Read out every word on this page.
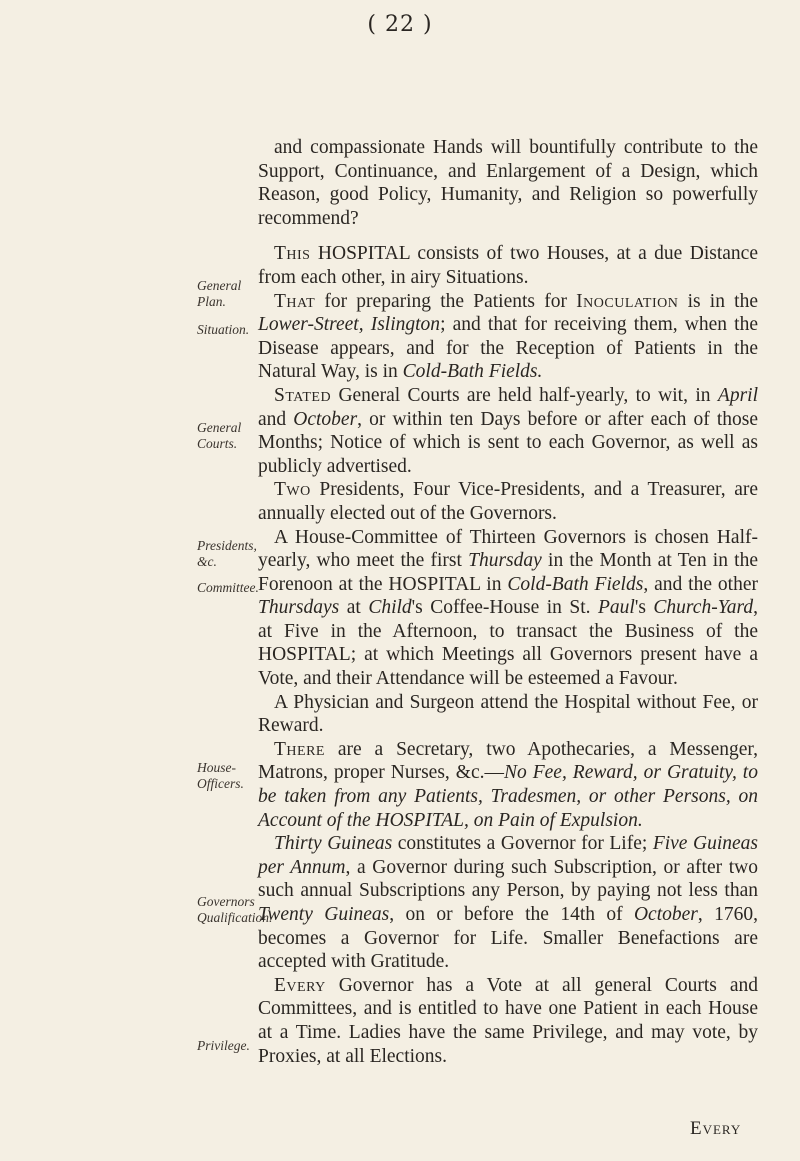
( 22 )
General Plan.
Situation.
General Courts.
Presidents, &c.
Committee.
House-Officers.
Governors Qualification.
Privilege.

and compassionate Hands will bountifully contribute to the Support, Continuance, and Enlargement of a Design, which Reason, good Policy, Humanity, and Religion so powerfully recommend?

This HOSPITAL consists of two Houses, at a due Distance from each other, in airy Situations.

That for preparing the Patients for Inoculation is in the Lower-Street, Islington; and that for receiving them, when the Disease appears, and for the Reception of Patients in the Natural Way, is in Cold-Bath Fields.

Stated General Courts are held half-yearly, to wit, in April and October, or within ten Days before or after each of those Months; Notice of which is sent to each Governor, as well as publicly advertised.

Two Presidents, Four Vice-Presidents, and a Treasurer, are annually elected out of the Governors.

A House-Committee of Thirteen Governors is chosen Half-yearly, who meet the first Thursday in the Month at Ten in the Forenoon at the HOSPITAL in Cold-Bath Fields, and the other Thursdays at Child's Coffee-House in St. Paul's Church-Yard, at Five in the Afternoon, to transact the Business of the HOSPITAL; at which Meetings all Governors present have a Vote, and their Attendance will be esteemed a Favour.

A Physician and Surgeon attend the Hospital without Fee, or Reward.

There are a Secretary, two Apothecaries, a Messenger, Matrons, proper Nurses, &c.—No Fee, Reward, or Gratuity, to be taken from any Patients, Tradesmen, or other Persons, on Account of the HOSPITAL, on Pain of Expulsion.

Thirty Guineas constitutes a Governor for Life; Five Guineas per Annum, a Governor during such Subscription, or after two such annual Subscriptions any Person, by paying not less than Twenty Guineas, on or before the 14th of October, 1760, becomes a Governor for Life. Smaller Benefactions are accepted with Gratitude.

Every Governor has a Vote at all general Courts and Committees, and is entitled to have one Patient in each House at a Time. Ladies have the same Privilege, and may vote, by Proxies, at all Elections.

Every
